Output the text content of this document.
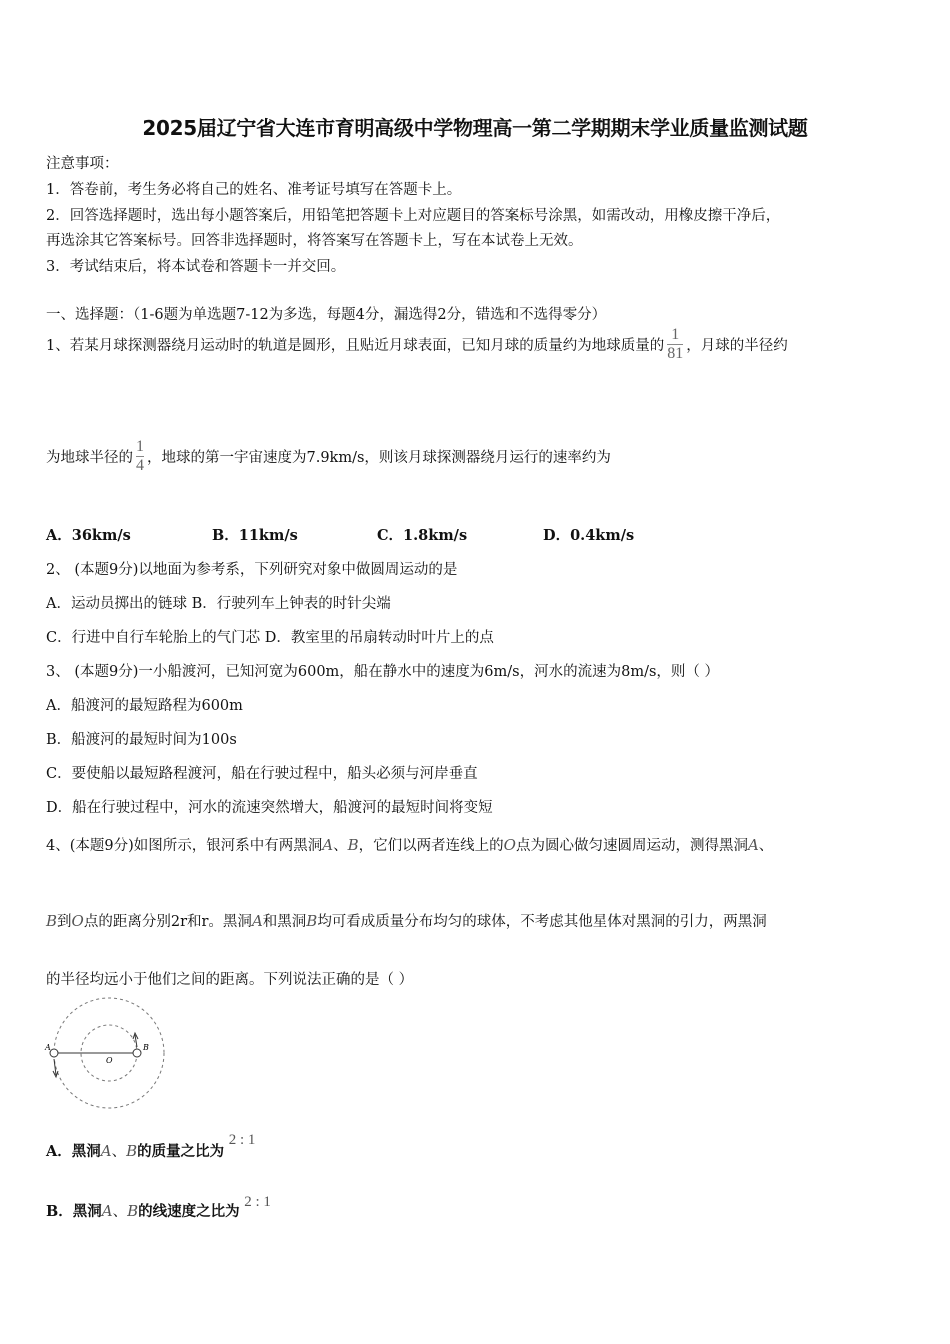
2025届辽宁省大连市育明高级中学物理高一第二学期期末学业质量监测试题
注意事项：
1．答卷前，考生务必将自己的姓名、准考证号填写在答题卡上。
2．回答选择题时，选出每小题答案后，用铅笔把答题卡上对应题目的答案标号涂黑，如需改动，用橡皮擦干净后，
再选涂其它答案标号。回答非选择题时，将答案写在答题卡上，写在本试卷上无效。
3．考试结束后，将本试卷和答题卡一并交回。
一、选择题：（1-6题为单选题7-12为多选，每题4分，漏选得2分，错选和不选得零分）
1、若某月球探测器绕月运动时的轨道是圆形，且贴近月球表面，已知月球的质量约为地球质量的 $\frac{1}{81}$ ，月球的半径约
为地球半径的 $\frac{1}{4}$ ，地球的第一宇宙速度为7.9km/s，则该月球探测器绕月运行的速率约为
A．36km/s	B．11km/s	C．1.8km/s	D．0.4km/s
2、 (本题9分)以地面为参考系，下列研究对象中做圆周运动的是
A．运动员掷出的链球 B．行驶列车上钟表的时针尖端
C．行进中自行车轮胎上的气门芯 D．教室里的吊扇转动时叶片上的点
3、 (本题9分)一小船渡河，已知河宽为600m，船在静水中的速度为6m/s，河水的流速为8m/s，则（ ）
A．船渡河的最短路程为600m
B．船渡河的最短时间为100s
C．要使船以最短路程渡河，船在行驶过程中，船头必须与河岸垂直
D．船在行驶过程中，河水的流速突然增大，船渡河的最短时间将变短
4、(本题9分)如图所示，银河系中有两黑洞A、B，它们以两者连线上的O点为圆心做匀速圆周运动，测得黑洞A、
B到O点的距离分别2r和r。黑洞A和黑洞B均可看成质量分布均匀的球体，不考虑其他星体对黑洞的引力，两黑洞
的半径均远小于他们之间的距离。下列说法正确的是（ ）
A	B
O
A．黑洞A、B的质量之比为 2 : 1
B．黑洞A、B的线速度之比为 2 : 1
